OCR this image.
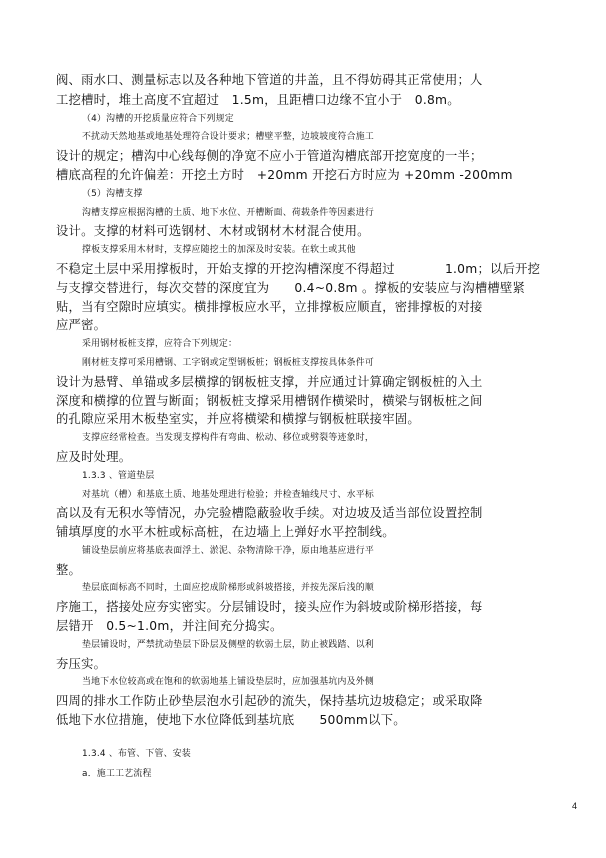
阀、雨水口、测量标志以及各种地下管道的井盖，且不得妨碍其正常使用；人
工挖槽时，堆土高度不宜超过　1.5m，且距槽口边缘不宜小于　0.8m。
（4）沟槽的开挖质量应符合下列规定
不扰动天然地基或地基处理符合设计要求；槽壁平整，边坡坡度符合施工
设计的规定；槽沟中心线每侧的净宽不应小于管道沟槽底部开挖宽度的一半；
槽底高程的允许偏差：开挖土方时　+20mm 开挖石方时应为 +20mm -200mm
（5）沟槽支撑
沟槽支撑应根据沟槽的土质、地下水位、开槽断面、荷载条件等因素进行
设计。支撑的材料可选钢材、木材或钢材木材混合使用。
撑板支撑采用木材时，支撑应随挖土的加深及时安装。在软土或其他
不稳定土层中采用撑板时，开始支撑的开挖沟槽深度不得超过　　　　1.0m；以后开挖
与支撑交替进行，每次交替的深度宜为　　0.4~0.8m 。撑板的安装应与沟槽槽壁紧
贴，当有空隙时应填实。横排撑板应水平，立排撑板应顺直，密排撑板的对接
应严密。
采用钢材板桩支撑，应符合下列规定：
刚材桩支撑可采用槽钢、工字钢或定型钢板桩；钢板桩支撑按具体条件可
设计为悬臂、单锚或多层横撑的钢板桩支撑，并应通过计算确定钢板桩的入土
深度和横撑的位置与断面；钢板桩支撑采用槽钢作横梁时，横梁与钢板桩之间
的孔隙应采用木板垫室实，并应将横梁和横撑与钢板桩联接牢固。
支撑应经常检查。当发现支撑构件有弯曲、松动、移位或劈裂等迹象时，
应及时处理。
1.3.3 、管道垫层
对基坑（槽）和基底土质、地基处理进行检验；并检查轴线尺寸、水平标
高以及有无积水等情况，办完验槽隐蔽验收手续。对边坡及适当部位设置控制
铺填厚度的水平木桩或标高桩，在边墙上上弹好水平控制线。
铺设垫层前应将基底表面浮土、淤泥、杂物清除干净，原由地基应进行平
整。
垫层底面标高不同时，土面应挖成阶梯形或斜坡搭接，并按先深后浅的顺
序施工，搭接处应夯实密实。分层铺设时，接头应作为斜坡或阶梯形搭接，每
层错开　0.5~1.0m，并注间充分捣实。
垫层铺设时，严禁扰动垫层下卧层及侧壁的软弱土层，防止被践踏、以利
夯压实。
当地下水位较高或在饱和的软弱地基上铺设垫层时，应加强基坑内及外侧
四周的排水工作防止砂垫层泡水引起砂的流失，保持基坑边坡稳定；或采取降
低地下水位措施，使地下水位降低到基坑底　　500mm以下。
1.3.4 、布管、下管、安装
a．施工工艺流程
4
